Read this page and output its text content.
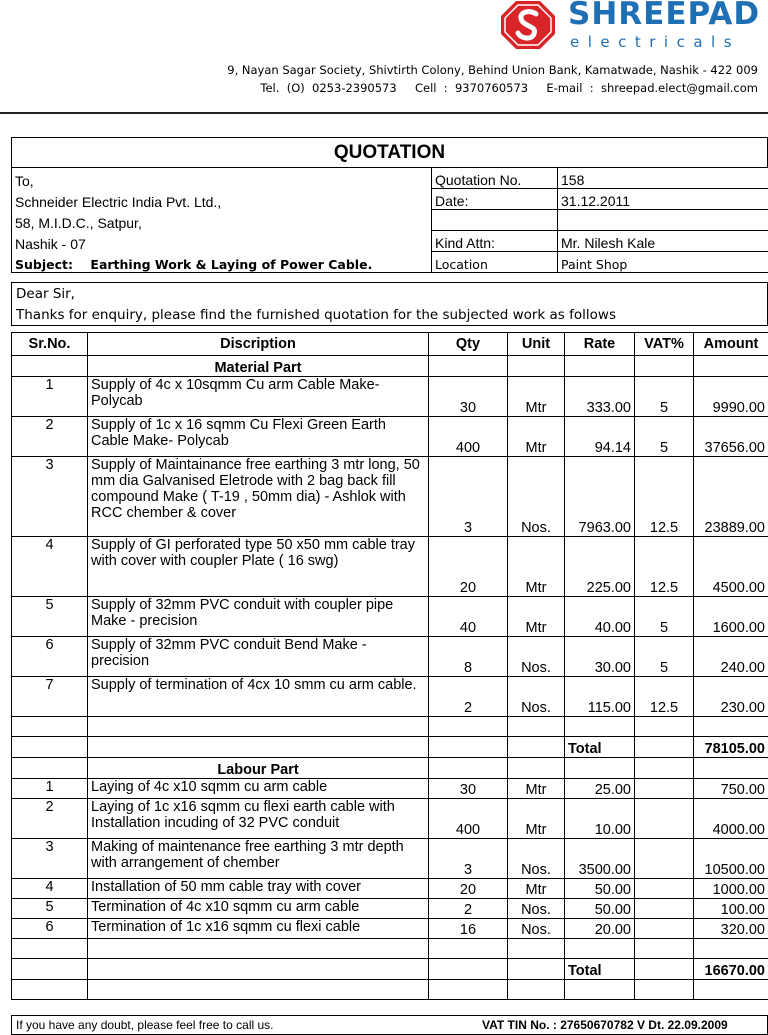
SHREEPAD
electricals
9, Nayan Sagar Society, Shivtirth Colony, Behind Union Bank, Kamatwade, Nashik - 422 009
Tel.  (O)  0253-2390573     Cell  :  9370760573     E-mail  :  shreepad.elect@gmail.com
QUOTATION
To,	Quotation No.	158
Schneider Electric India Pvt. Ltd.,	Date:	31.12.2011
58, M.I.D.C., Satpur,		
Nashik - 07	Kind Attn:	Mr. Nilesh Kale
Subject: Earthing Work & Laying of Power Cable.	Location	Paint Shop
Dear Sir,
Thanks for enquiry, please find the furnished quotation for the subjected work as follows
Sr.No.	Discription	Qty	Unit	Rate	VAT%	Amount
	Material Part					
1	Supply of 4c x 10sqmm Cu arm Cable Make- Polycab	30	Mtr	333.00	5	9990.00
2	Supply of 1c x 16 sqmm Cu Flexi Green Earth Cable Make- Polycab	400	Mtr	94.14	5	37656.00
3	Supply of Maintainance free earthing 3 mtr long, 50 mm dia Galvanised Eletrode with 2 bag back fill compound Make ( T-19 , 50mm dia) - Ashlok with RCC chember & cover	3	Nos.	7963.00	12.5	23889.00
4	Supply of GI perforated type 50 x50 mm cable tray with cover with coupler Plate ( 16 swg)	20	Mtr	225.00	12.5	4500.00
5	Supply of 32mm PVC conduit with coupler pipe Make - precision	40	Mtr	40.00	5	1600.00
6	Supply of 32mm PVC conduit Bend Make - precision	8	Nos.	30.00	5	240.00
7	Supply of termination of 4cx 10 smm cu arm cable.	2	Nos.	115.00	12.5	230.00

				Total		78105.00
	Labour Part					
1	Laying of 4c x10 sqmm cu arm cable	30	Mtr	25.00		750.00
2	Laying of 1c x16 sqmm cu flexi earth cable with Installation incuding of 32 PVC conduit	400	Mtr	10.00		4000.00
3	Making of maintenance free earthing 3 mtr depth with arrangement of chember	3	Nos.	3500.00		10500.00
4	Installation of 50 mm cable tray with cover	20	Mtr	50.00		1000.00
5	Termination of 4c x10 sqmm cu arm cable	2	Nos.	50.00		100.00
6	Termination of 1c x16 sqmm cu flexi cable	16	Nos.	20.00		320.00

				Total		16670.00

If you have any doubt, please feel free to call us.	VAT TIN No. : 27650670782 V Dt. 22.09.2009
